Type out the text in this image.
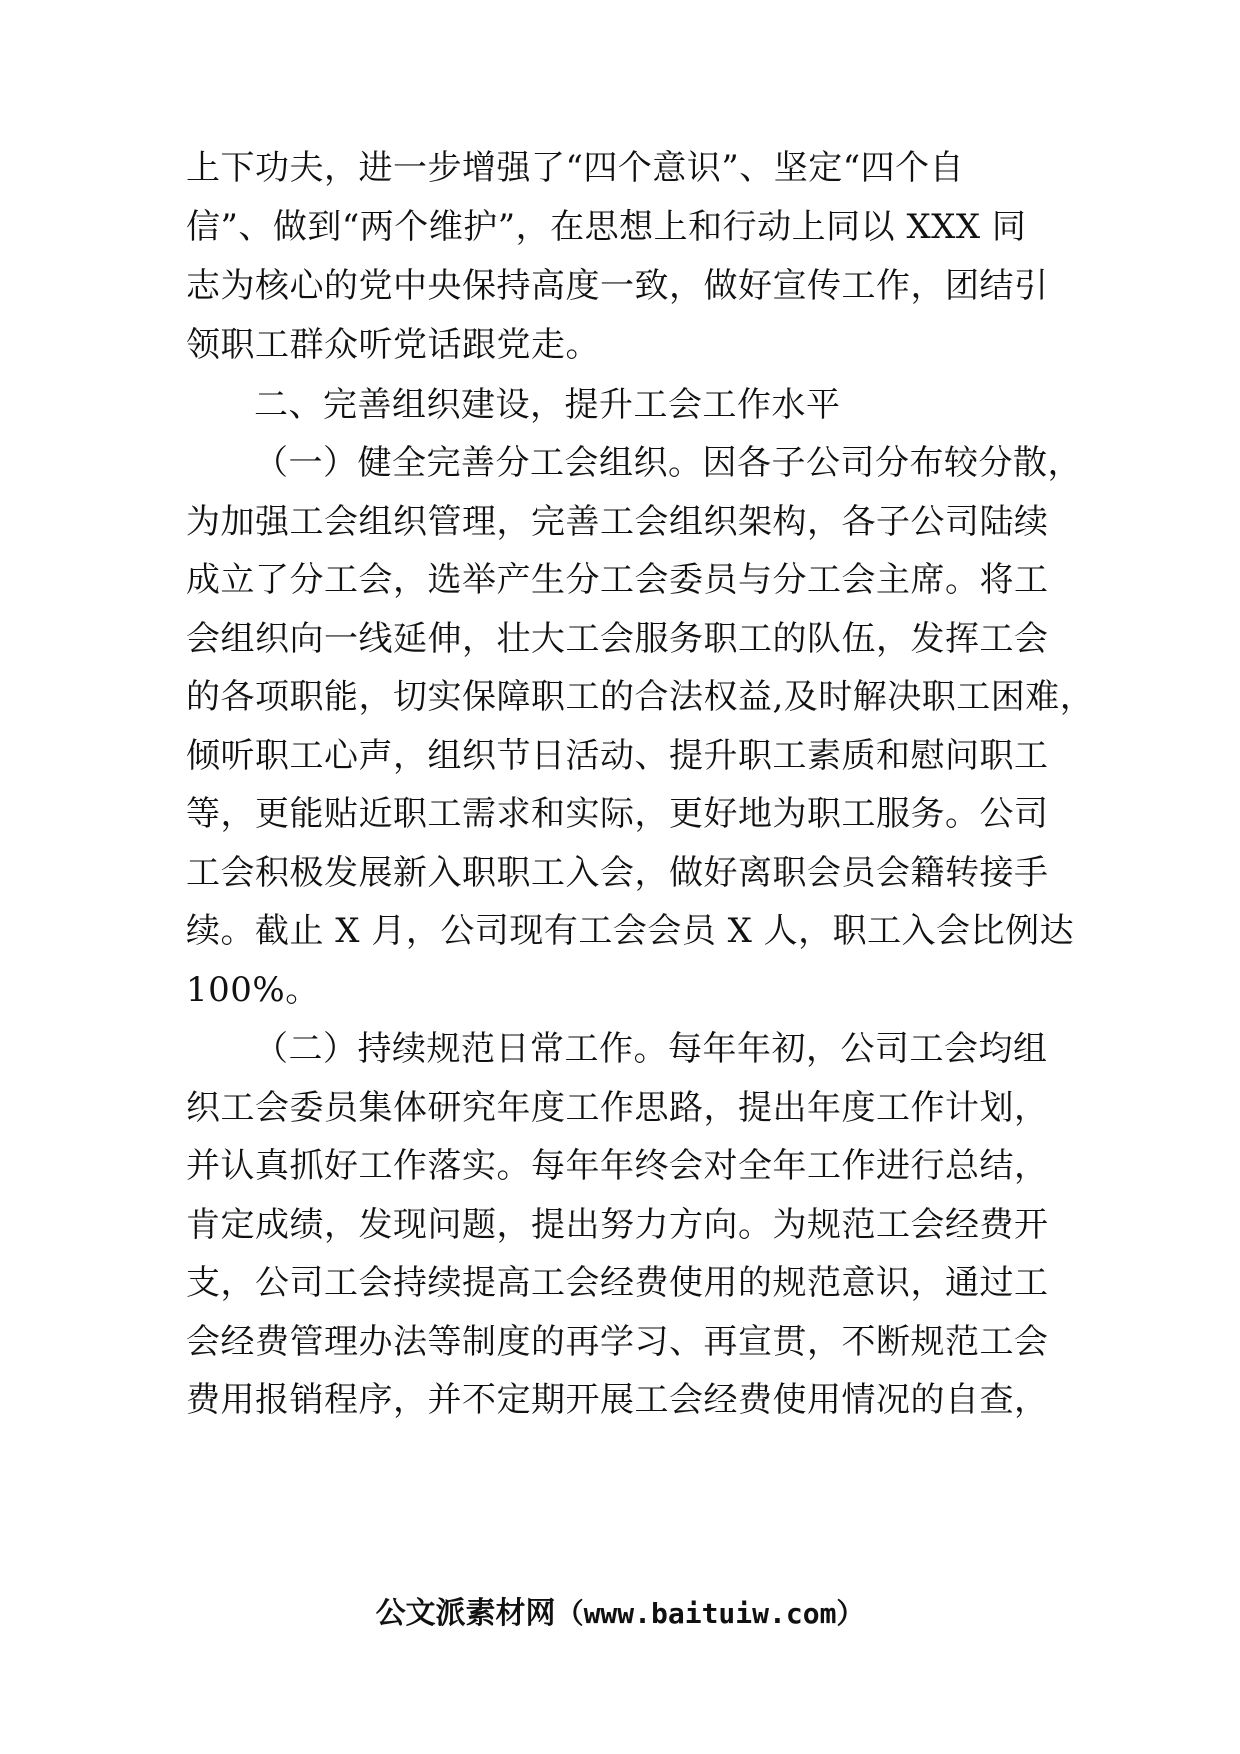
上下功夫，进一步增强了“四个意识”、坚定“四个自
信”、做到“两个维护”，在思想上和行动上同以 XXX 同
志为核心的党中央保持高度一致，做好宣传工作，团结引
领职工群众听党话跟党走。
二、完善组织建设，提升工会工作水平
（一）健全完善分工会组织。因各子公司分布较分散，
为加强工会组织管理，完善工会组织架构，各子公司陆续
成立了分工会，选举产生分工会委员与分工会主席。将工
会组织向一线延伸，壮大工会服务职工的队伍，发挥工会
的各项职能，切实保障职工的合法权益,及时解决职工困难，
倾听职工心声，组织节日活动、提升职工素质和慰问职工
等，更能贴近职工需求和实际，更好地为职工服务。公司
工会积极发展新入职职工入会，做好离职会员会籍转接手
续。截止 X 月，公司现有工会会员 X 人，职工入会比例达
100%。
（二）持续规范日常工作。每年年初，公司工会均组
织工会委员集体研究年度工作思路，提出年度工作计划，
并认真抓好工作落实。每年年终会对全年工作进行总结，
肯定成绩，发现问题，提出努力方向。为规范工会经费开
支，公司工会持续提高工会经费使用的规范意识，通过工
会经费管理办法等制度的再学习、再宣贯，不断规范工会
费用报销程序，并不定期开展工会经费使用情况的自查，
公文派素材网（www.baituiw.com）
